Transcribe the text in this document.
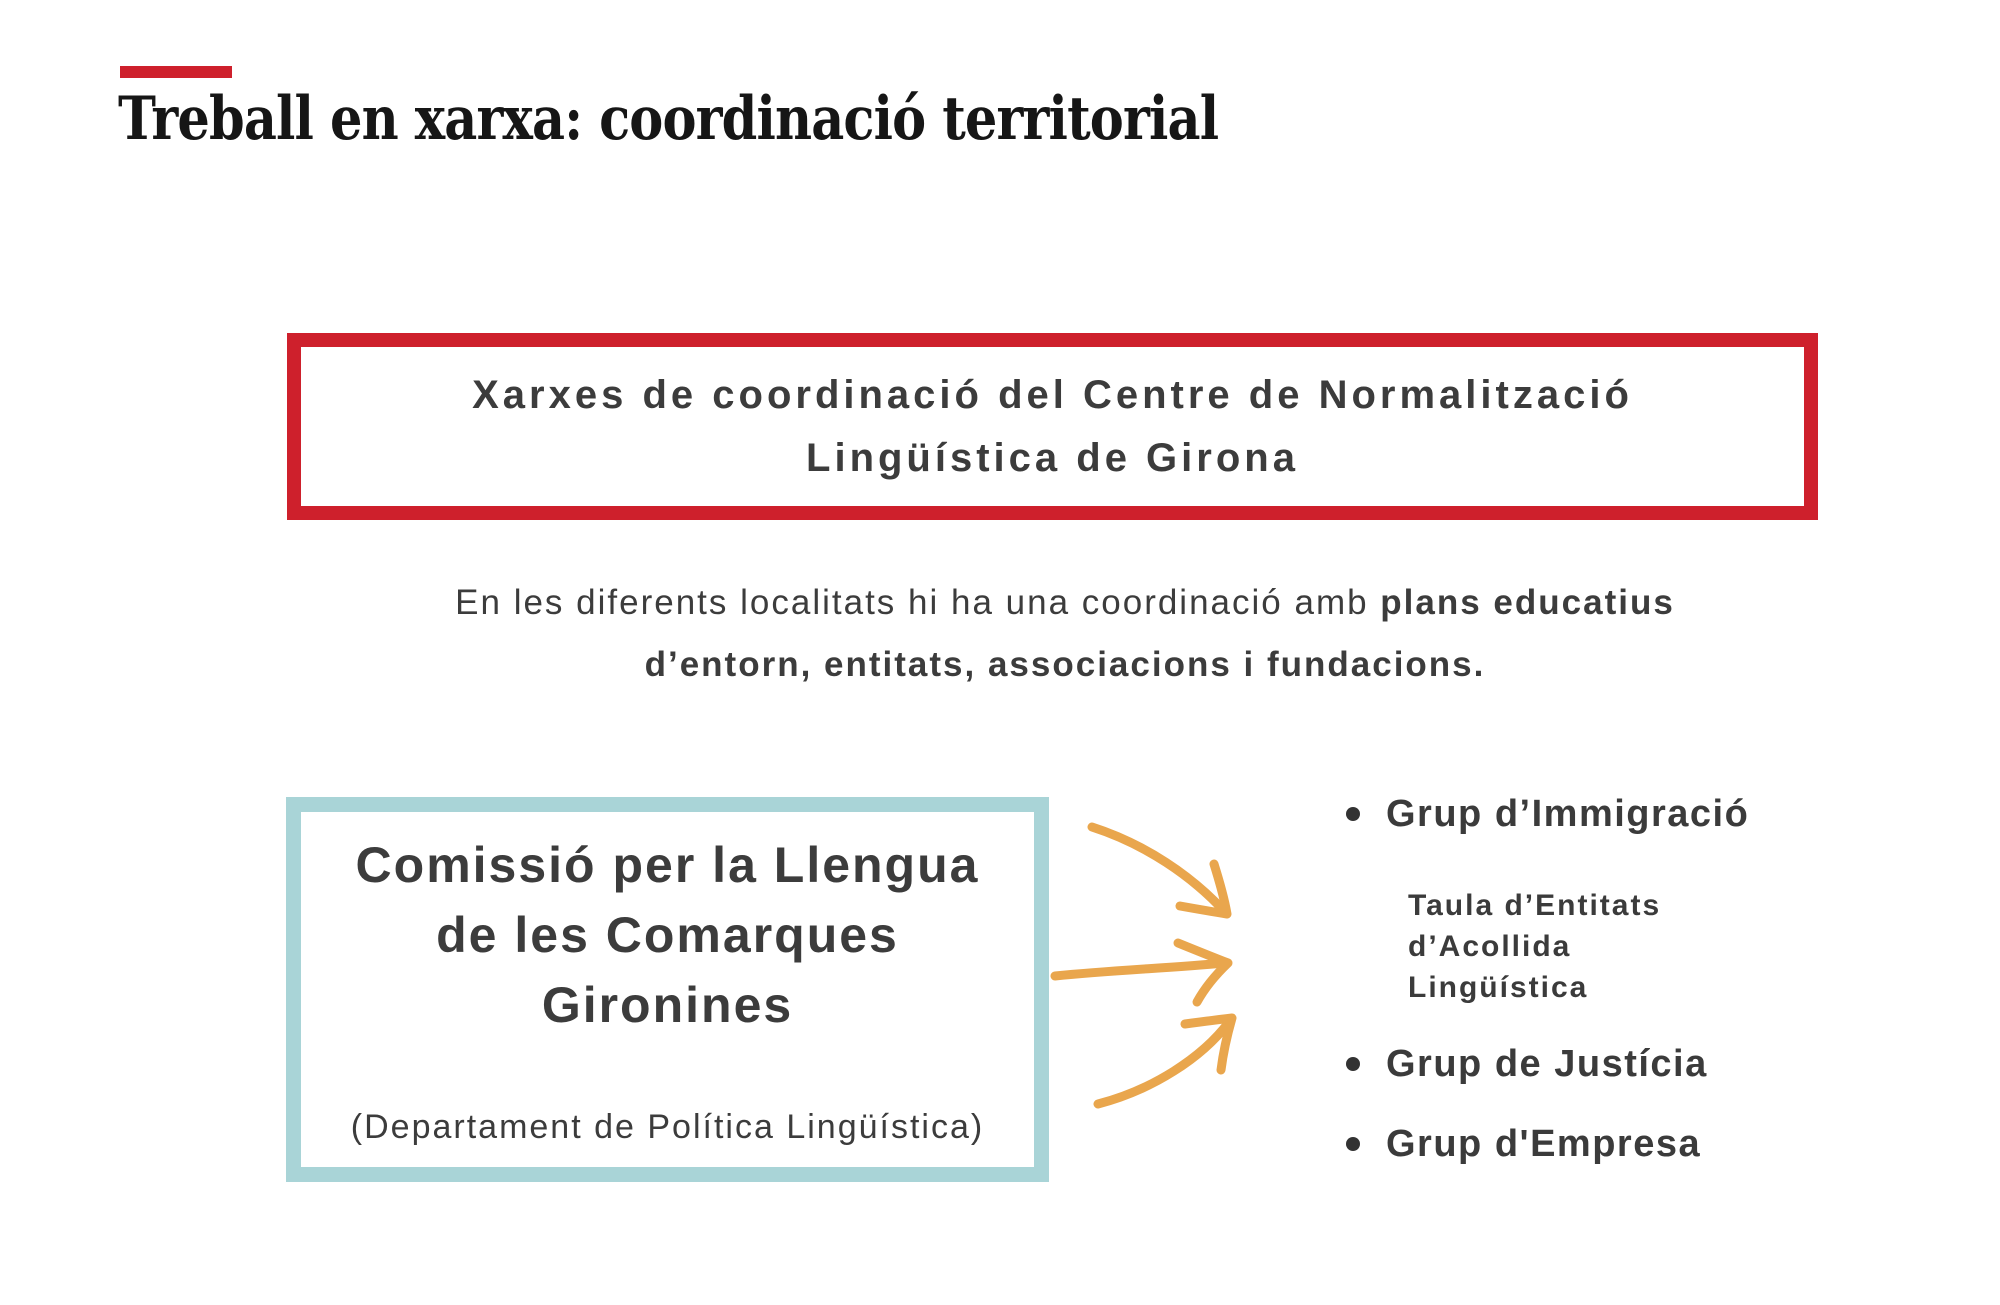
Treball en xarxa: coordinació territorial
Xarxes de coordinació del Centre de Normalització
Lingüística de Girona
En les diferents localitats hi ha una coordinació amb plans educatius d’entorn, entitats, associacions i fundacions.
Comissió per la Llengua
de les Comarques
Gironines
(Departament de Política Lingüística)
Grup d’Immigració
Taula d’Entitats
d’Acollida
Lingüística
Grup de Justícia
Grup d'Empresa
